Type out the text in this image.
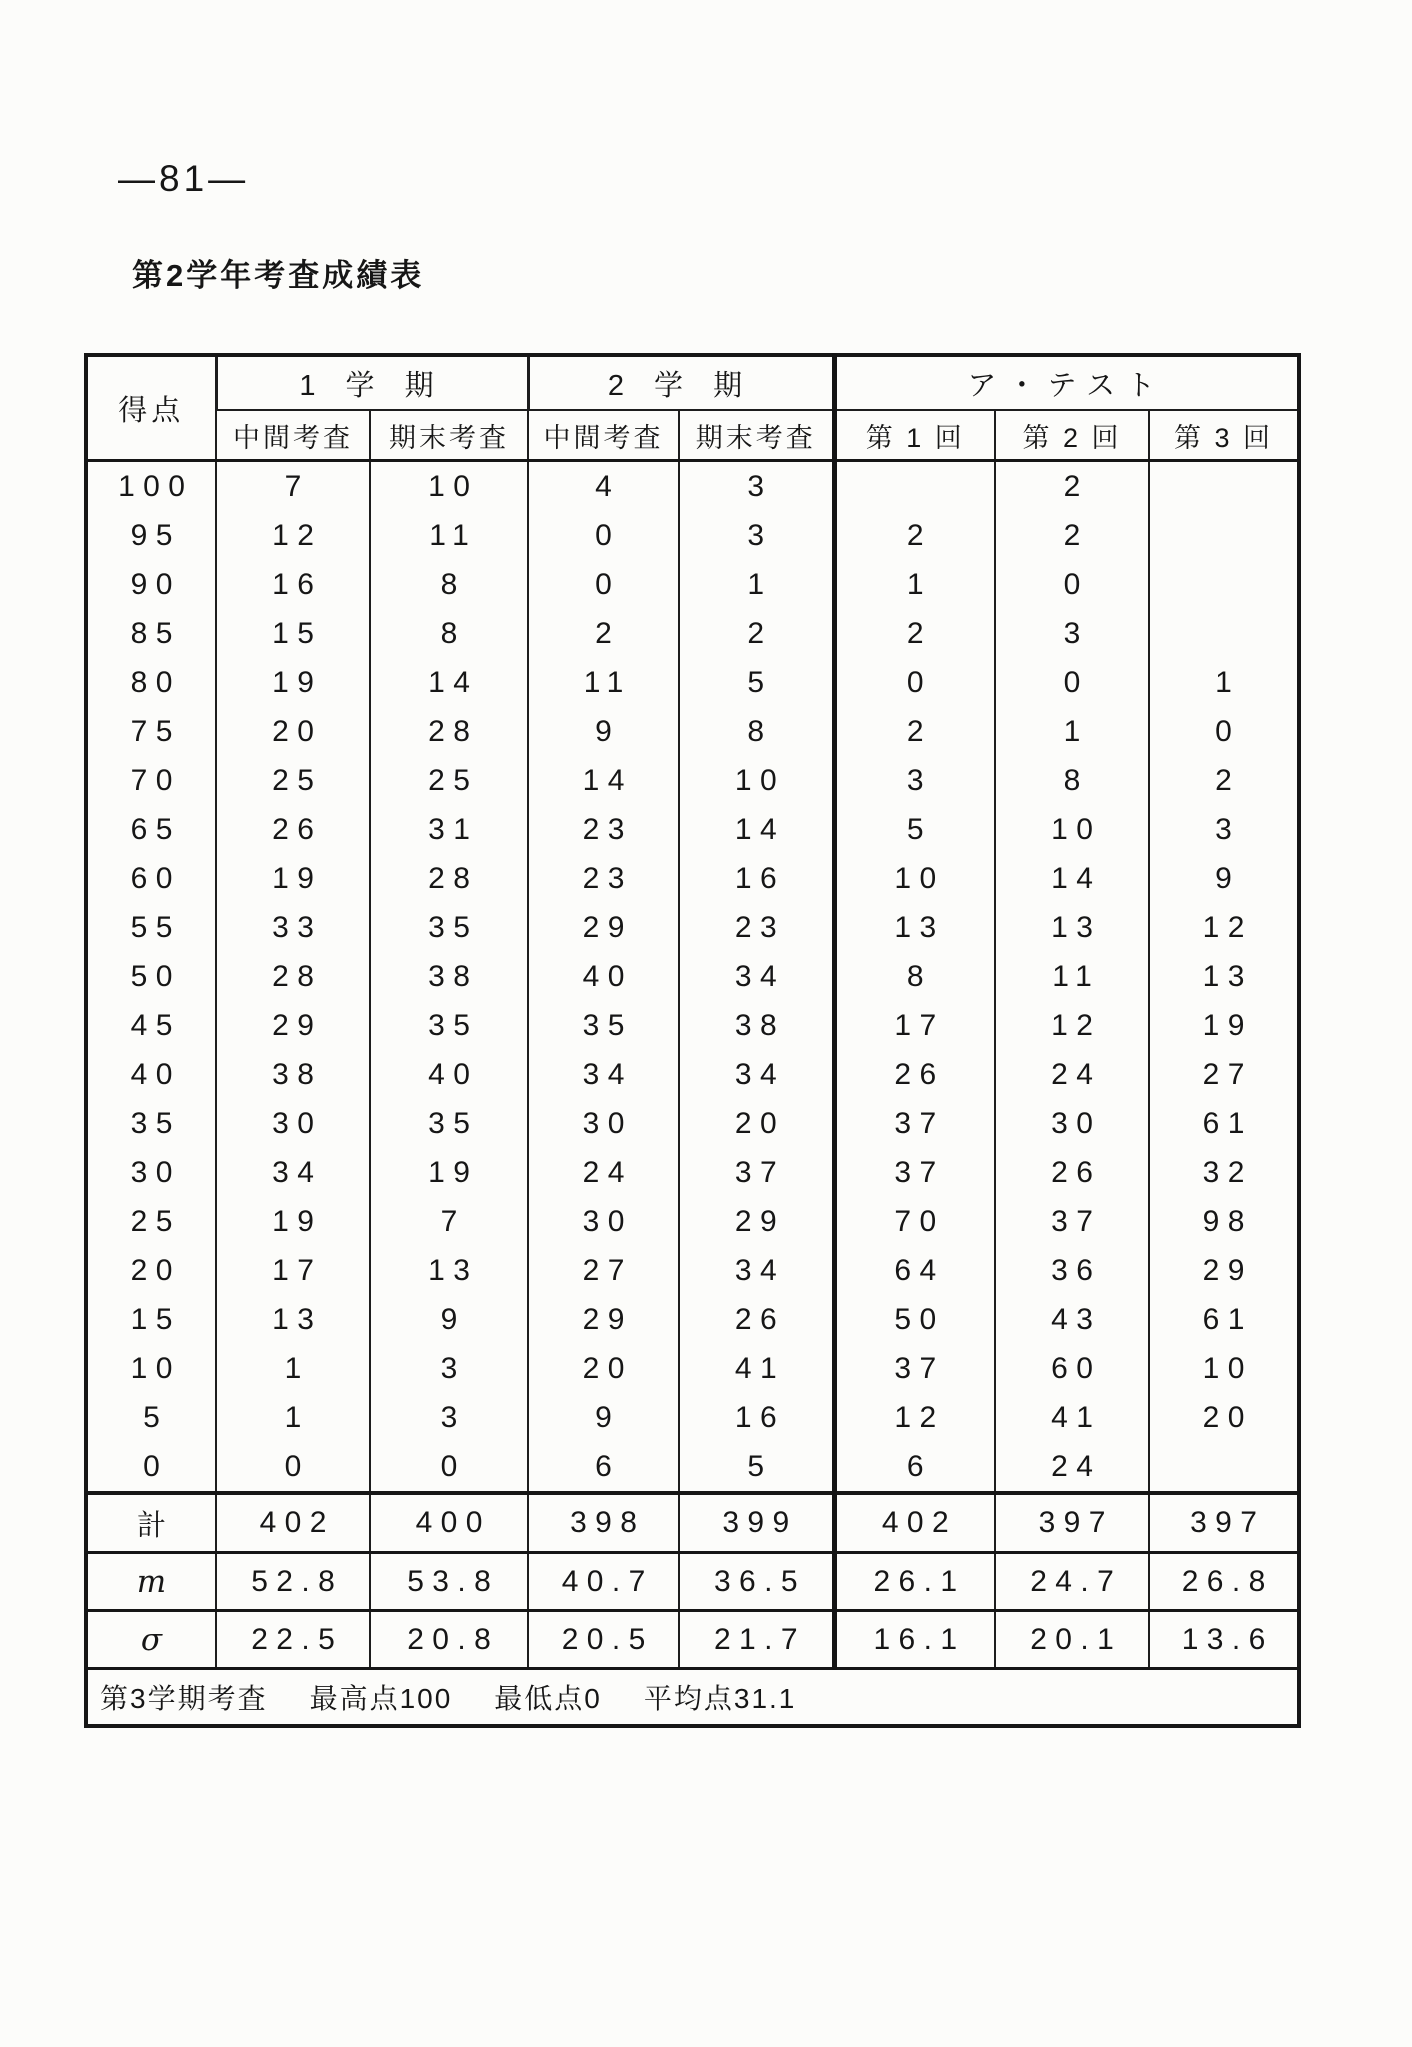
—81—
第2学年考査成績表
得点	1 学 期		2 学 期		ア・テスト		
	中間考査	期末考査	中間考査	期末考査	第 1 回	第 2 回	第 3 回
100	7	10	4	3		2	
95	12	11	0	3	2	2	
90	16	8	0	1	1	0	
85	15	8	2	2	2	3	
80	19	14	11	5	0	0	1
75	20	28	9	8	2	1	0
70	25	25	14	10	3	8	2
65	26	31	23	14	5	10	3
60	19	28	23	16	10	14	9
55	33	35	29	23	13	13	12
50	28	38	40	34	8	11	13
45	29	35	35	38	17	12	19
40	38	40	34	34	26	24	27
35	30	35	30	20	37	30	61
30	34	19	24	37	37	26	32
25	19	7	30	29	70	37	98
20	17	13	27	34	64	36	29
15	13	9	29	26	50	43	61
10	1	3	20	41	37	60	10
5	1	3	9	16	12	41	20
0	0	0	6	5	6	24	
計	402	400	398	399	402	397	397
m	52.8	53.8	40.7	36.5	26.1	24.7	26.8
σ	22.5	20.8	20.5	21.7	16.1	20.1	13.6
第3学期考査 最高点100 最低点0 平均点31.1							
